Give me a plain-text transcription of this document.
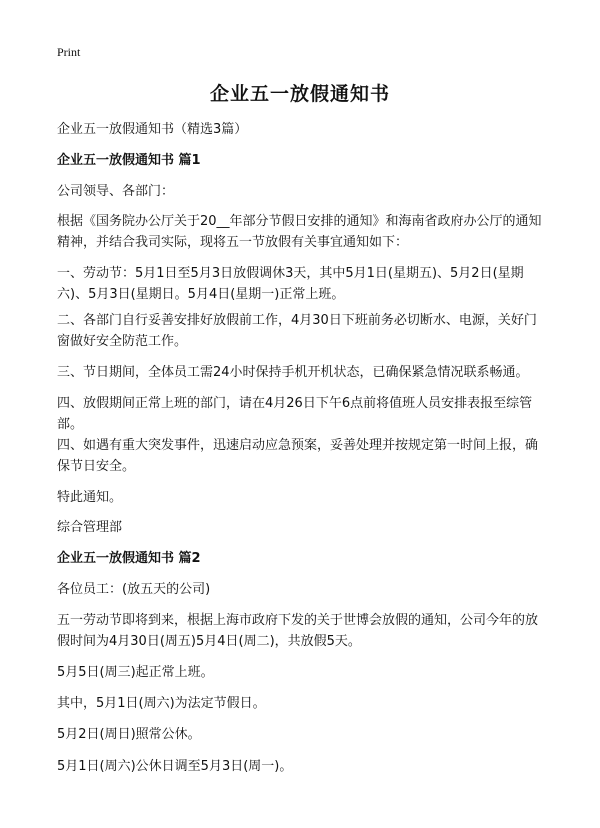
Print
企业五一放假通知书

企业五一放假通知书（精选3篇）

企业五一放假通知书 篇1

公司领导、各部门：

根据《国务院办公厅关于20__年部分节假日安排的通知》和海南省政府办公厅的通知精神，并结合我司实际，现将五一节放假有关事宜通知如下：

一、劳动节：5月1日至5月3日放假调休3天，其中5月1日(星期五)、5月2日(星期六)、5月3日(星期日。5月4日(星期一)正常上班。

二、各部门自行妥善安排好放假前工作，4月30日下班前务必切断水、电源，关好门窗做好安全防范工作。

三、节日期间，全体员工需24小时保持手机开机状态，已确保紧急情况联系畅通。

四、放假期间正常上班的部门，请在4月26日下午6点前将值班人员安排表报至综管部。

四、如遇有重大突发事件，迅速启动应急预案，妥善处理并按规定第一时间上报，确保节日安全。

特此通知。

综合管理部

企业五一放假通知书 篇2

各位员工：(放五天的公司)

五一劳动节即将到来，根据上海市政府下发的关于世博会放假的通知，公司今年的放假时间为4月30日(周五)5月4日(周二)，共放假5天。

5月5日(周三)起正常上班。

其中，5月1日(周六)为法定节假日。

5月2日(周日)照常公休。

5月1日(周六)公休日调至5月3日(周一)。
